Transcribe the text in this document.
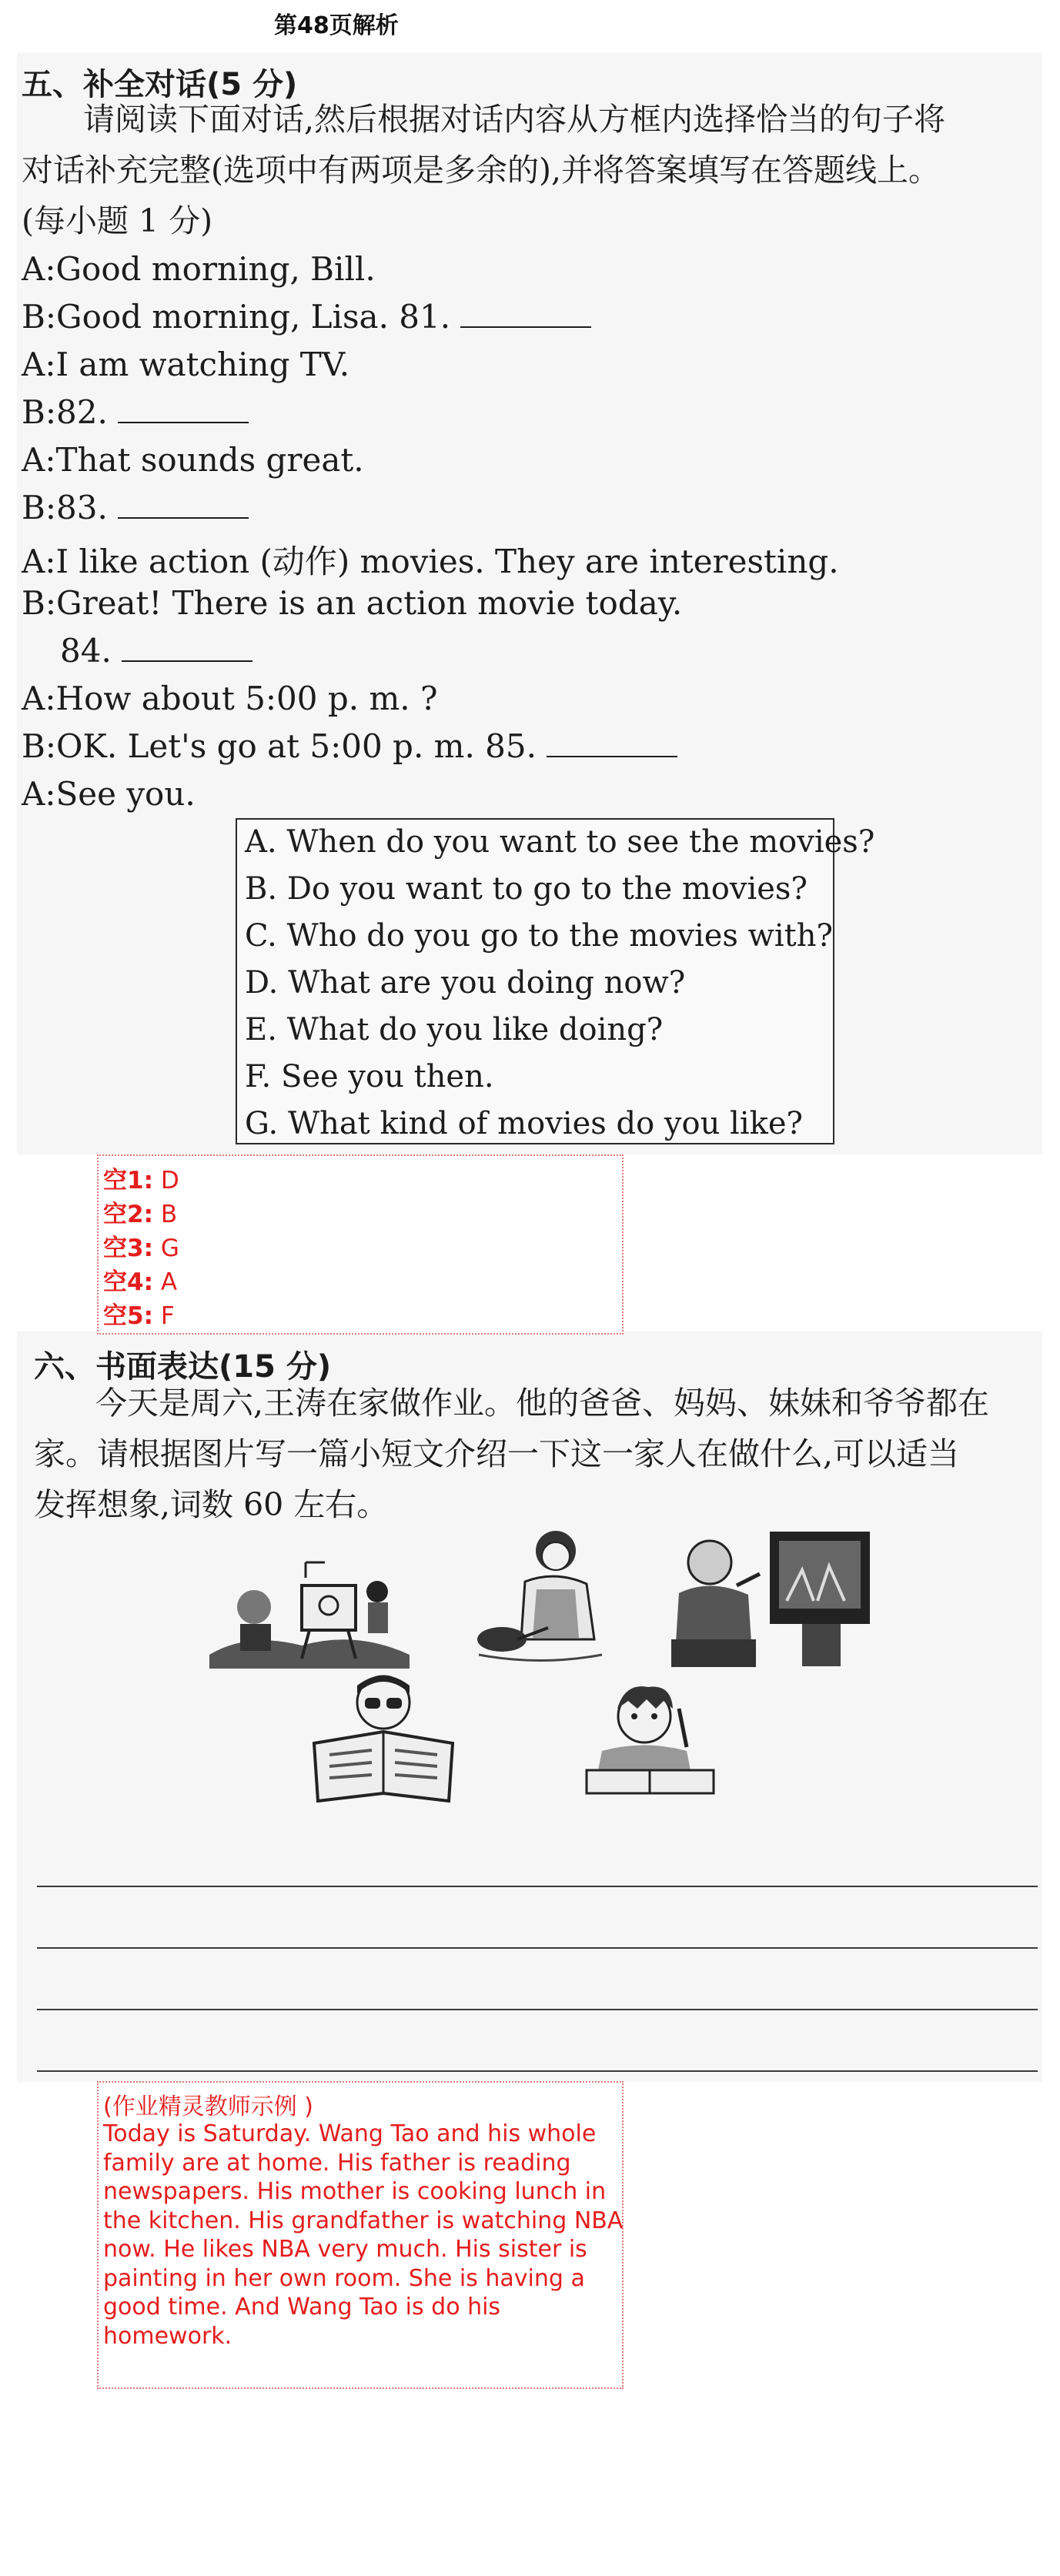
第48页解析
五、补全对话(5 分)
请阅读下面对话,然后根据对话内容从方框内选择恰当的句子将
对话补充完整(选项中有两项是多余的),并将答案填写在答题线上。
(每小题 1 分)
A:Good morning, Bill.
B:Good morning, Lisa. 81.
A:I am watching TV.
B:82.
A:That sounds great.
B:83.
A:I like action (动作) movies. They are interesting.
B:Great! There is an action movie today.
84.
A:How about 5:00 p. m. ?
B:OK. Let's go at 5:00 p. m. 85.
A:See you.
A. When do you want to see the movies?
B. Do you want to go to the movies?
C. Who do you go to the movies with?
D. What are you doing now?
E. What do you like doing?
F. See you then.
G. What kind of movies do you like?
空1: D
空2: B
空3: G
空4: A
空5: F
六、书面表达(15 分)
今天是周六,王涛在家做作业。他的爸爸、妈妈、妹妹和爷爷都在
家。请根据图片写一篇小短文介绍一下这一家人在做什么,可以适当
发挥想象,词数 60 左右。
(作业精灵教师示例 )
Today is Saturday. Wang Tao and his whole family are at home. His father is reading newspapers. His mother is cooking lunch in the kitchen. His grandfather is watching NBA now. He likes NBA very much. His sister is painting in her own room. She is having a good time. And Wang Tao is do his homework.
